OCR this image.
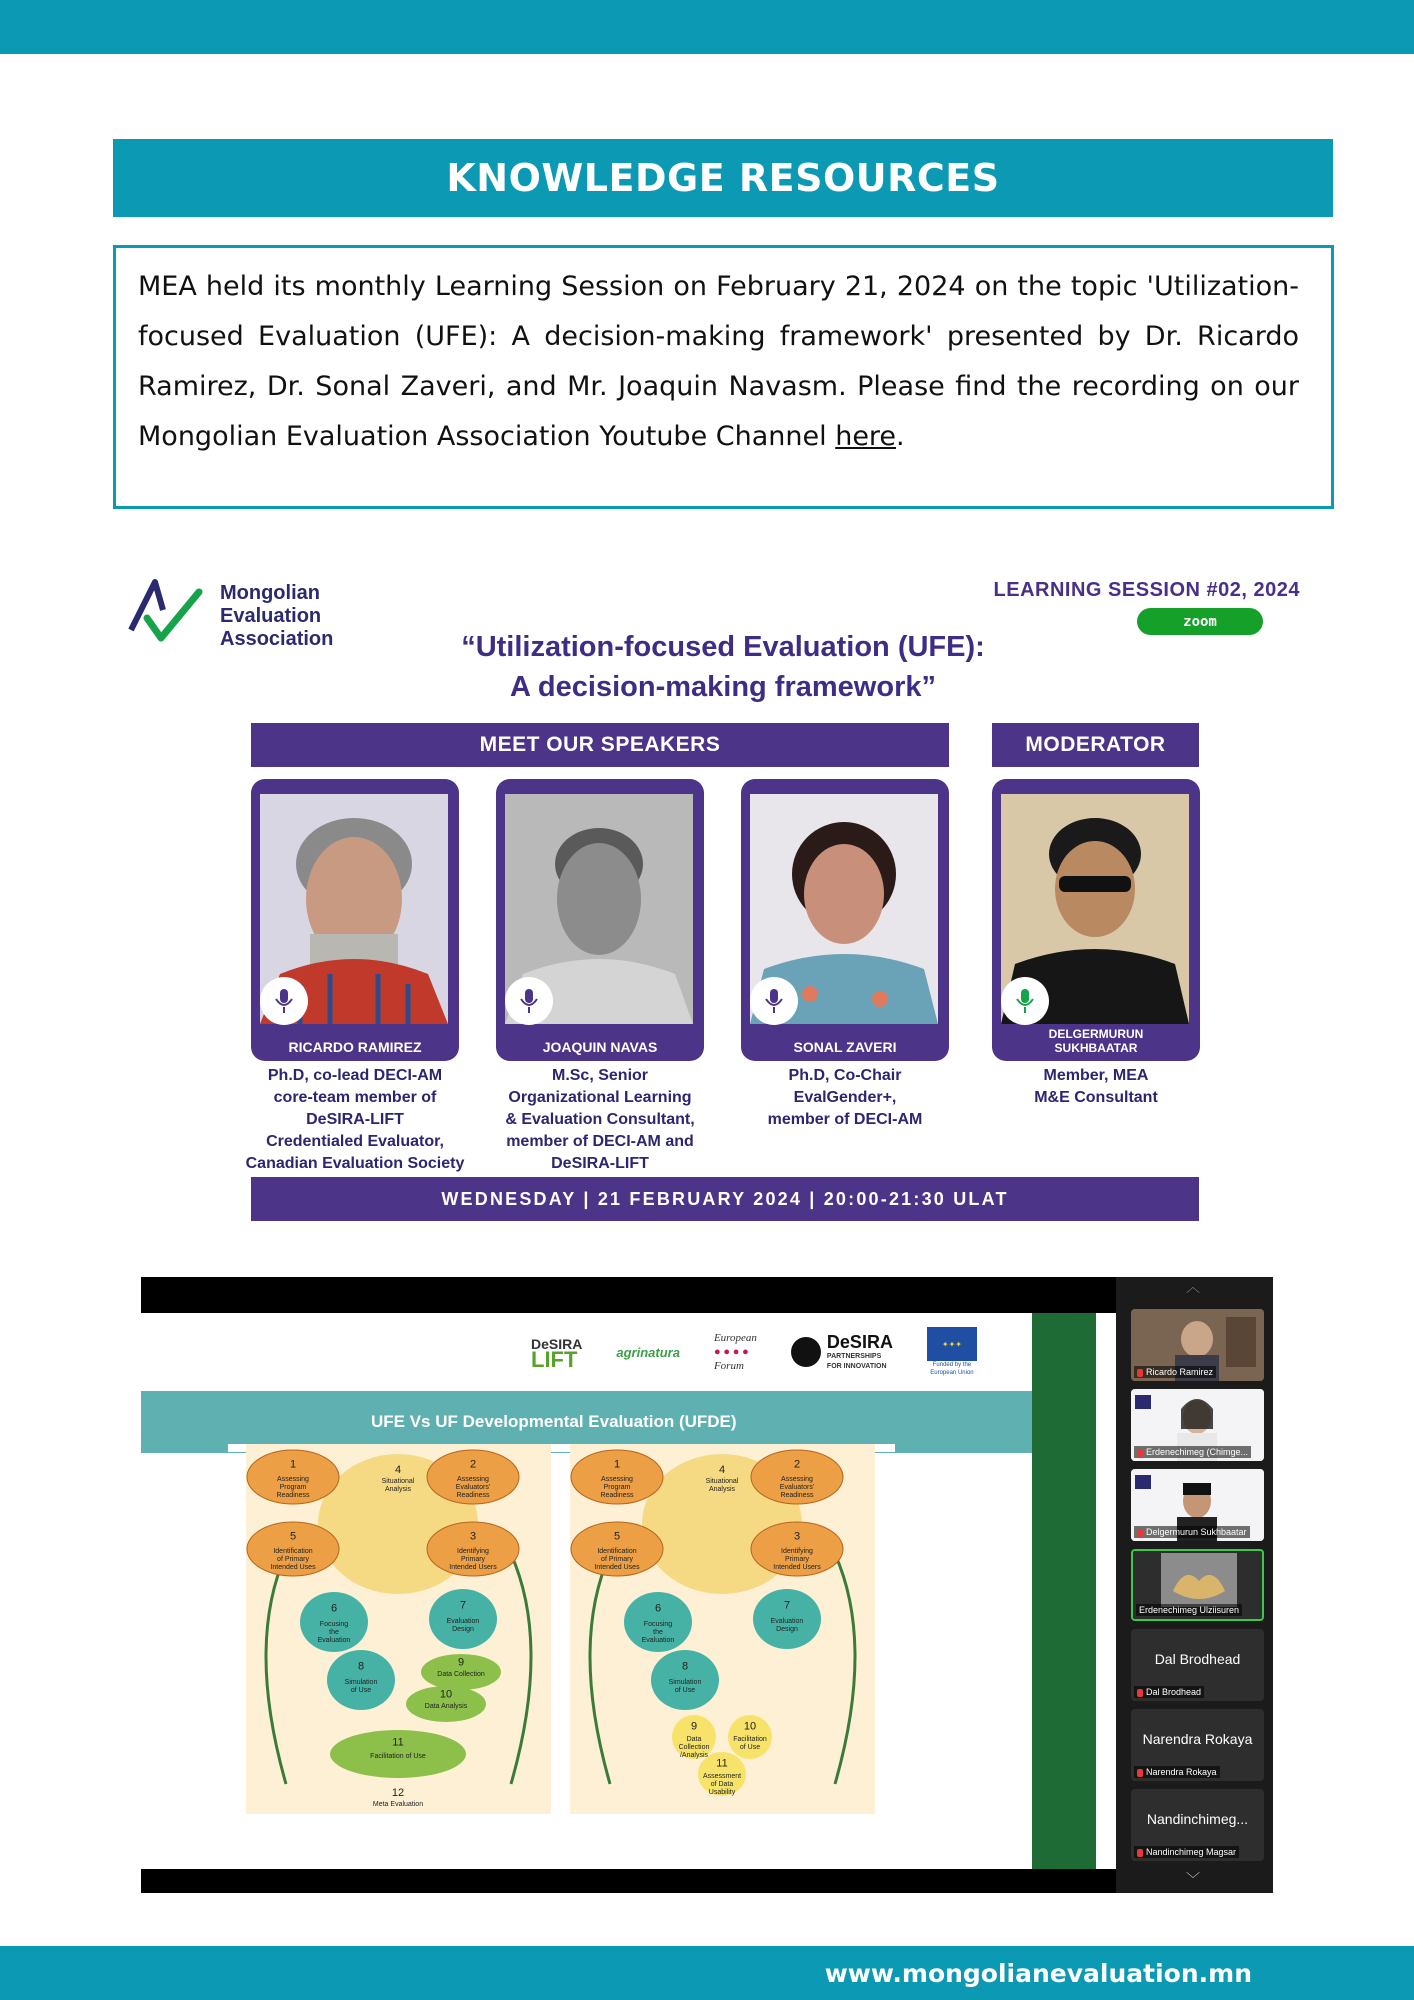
KNOWLEDGE RESOURCES
MEA held its monthly Learning Session on February 21, 2024 on the topic 'Utilization-focused Evaluation (UFE): A decision-making framework' presented by Dr. Ricardo Ramirez, Dr. Sonal Zaveri, and Mr. Joaquin Navasm. Please find the recording on our Mongolian Evaluation Association Youtube Channel here.
Mongolian
Evaluation
Association
LEARNING SESSION #02, 2024
zoom
“Utilization-focused Evaluation (UFE):
A decision-making framework”
MEET OUR SPEAKERS	MODERATOR
RICARDO RAMIREZ
Ph.D, co-lead DECI-AM
core-team member of
DeSIRA-LIFT
Credentialed Evaluator,
Canadian Evaluation Society
JOAQUIN NAVAS
M.Sc, Senior
Organizational Learning
& Evaluation Consultant,
member of DECI-AM and
DeSIRA-LIFT
SONAL ZAVERI
Ph.D, Co-Chair
EvalGender+,
member of DECI-AM
DELGERMURUN
SUKHBAATAR
Member, MEA
M&E Consultant
WEDNESDAY | 21 FEBRUARY 2024 | 20:00-21:30 ULAT
DeSIRA
LIFT	agrinatura
European
● ● ● ●
Forum
DeSIRA
PARTNERSHIPS
FOR INNOVATION
✦✦✦
Funded by the
European Union
UFE Vs UF Developmental Evaluation (UFDE)
1
Assessing
Program
Readiness
4
Situational
Analysis
2
Assessing
Evaluators'
Readiness
5
Identification
of Primary
Intended Uses
3
Identifying
Primary
Intended Users
6
Focusing
the
Evaluation
7
Evaluation
Design
8
Simulation
of Use
9
Data Collection
10
Data Analysis
11
Facilitation of Use
12
Meta Evaluation
1
Assessing
Program
Readiness
4
Situational
Analysis
2
Assessing
Evaluators'
Readiness
5
Identification
of Primary
Intended Uses
3
Identifying
Primary
Intended Users
6
Focusing
the
Evaluation
7
Evaluation
Design
8
Simulation
of Use
9
Data
Collection
/Analysis
10
Facilitation
of Use
11
Assessment
of Data
Usability
︿
Ricardo Ramirez
Erdenechimeg (Chimge...
Delgermurun Sukhbaatar
Erdenechimeg Ulziisuren
Dal Brodhead
Dal Brodhead
Narendra Rokaya
Narendra Rokaya
Nandinchimeg...
Nandinchimeg Magsar
﹀
www.mongolianevaluation.mn
